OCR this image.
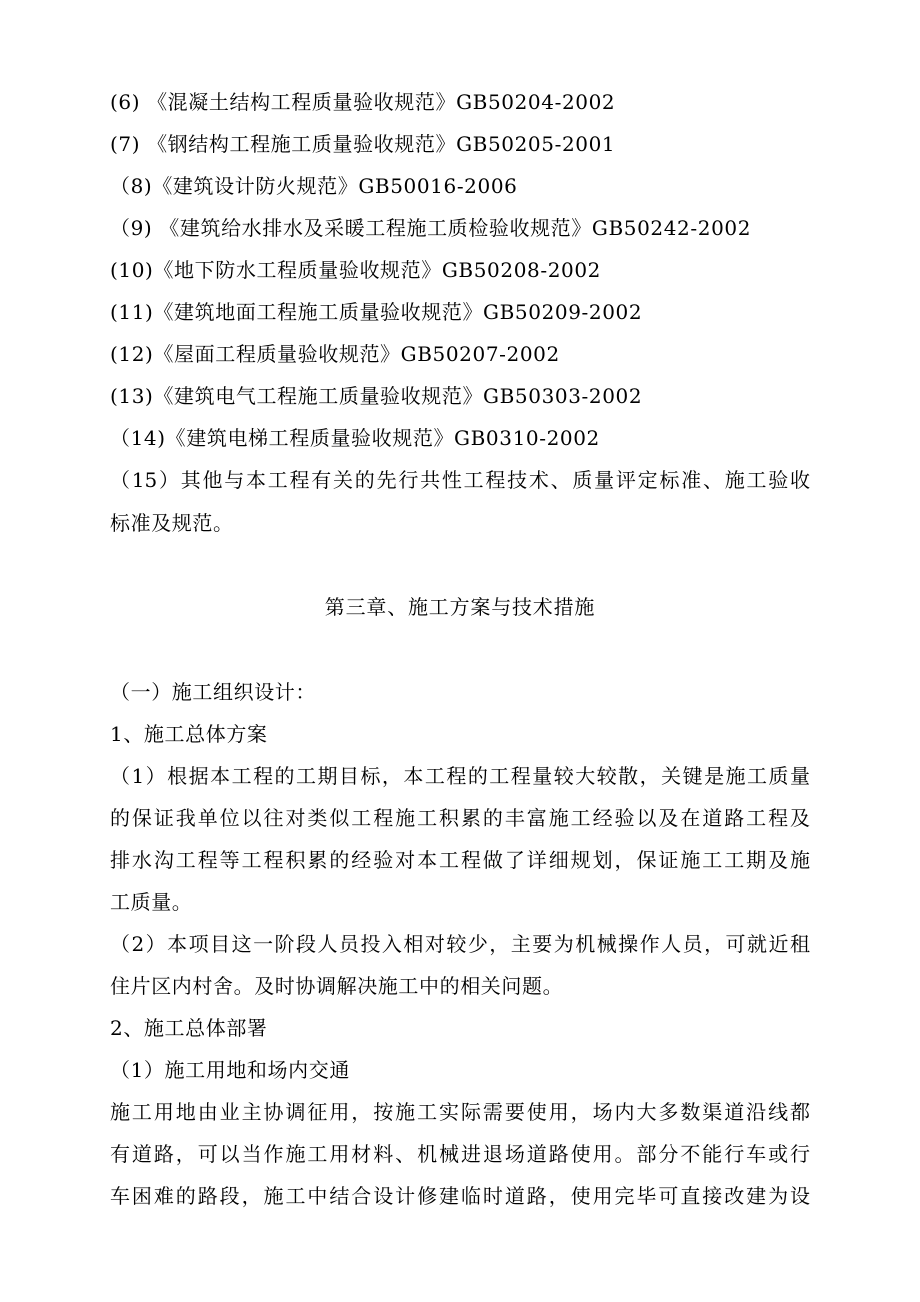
(6) 《混凝土结构工程质量验收规范》GB50204-2002
(7) 《钢结构工程施工质量验收规范》GB50205-2001
（8)《建筑设计防火规范》GB50016-2006
（9) 《建筑给水排水及采暖工程施工质检验收规范》GB50242-2002
(10)《地下防水工程质量验收规范》GB50208-2002
(11)《建筑地面工程施工质量验收规范》GB50209-2002
(12)《屋面工程质量验收规范》GB50207-2002
(13)《建筑电气工程施工质量验收规范》GB50303-2002
（14)《建筑电梯工程质量验收规范》GB0310-2002
（15）其他与本工程有关的先行共性工程技术、质量评定标准、施工验收
标准及规范。
第三章、施工方案与技术措施
（一）施工组织设计：
1、施工总体方案
（1）根据本工程的工期目标，本工程的工程量较大较散，关键是施工质量
的保证我单位以往对类似工程施工积累的丰富施工经验以及在道路工程及
排水沟工程等工程积累的经验对本工程做了详细规划，保证施工工期及施
工质量。
（2）本项目这一阶段人员投入相对较少，主要为机械操作人员，可就近租
住片区内村舍。及时协调解决施工中的相关问题。
2、施工总体部署
（1）施工用地和场内交通
施工用地由业主协调征用，按施工实际需要使用，场内大多数渠道沿线都
有道路，可以当作施工用材料、机械进退场道路使用。部分不能行车或行
车困难的路段，施工中结合设计修建临时道路，使用完毕可直接改建为设
